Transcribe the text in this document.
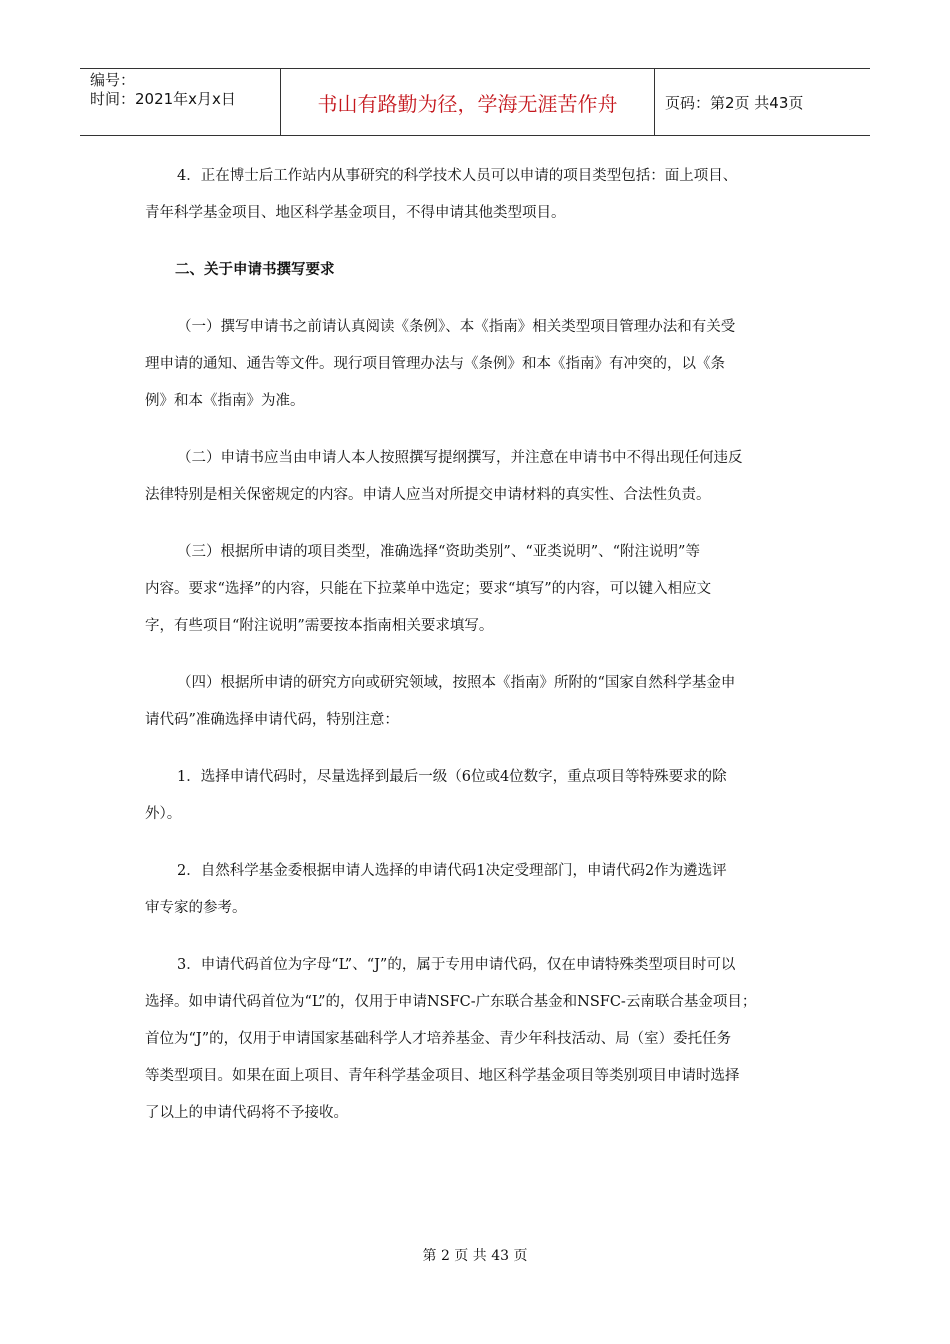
编号：
时间：2021年x月x日	书山有路勤为径，学海无涯苦作舟	页码：第2页 共43页
4．正在博士后工作站内从事研究的科学技术人员可以申请的项目类型包括：面上项目、
青年科学基金项目、地区科学基金项目，不得申请其他类型项目。
二、关于申请书撰写要求
（一）撰写申请书之前请认真阅读《条例》、本《指南》相关类型项目管理办法和有关受
理申请的通知、通告等文件。现行项目管理办法与《条例》和本《指南》有冲突的，以《条
例》和本《指南》为准。
（二）申请书应当由申请人本人按照撰写提纲撰写，并注意在申请书中不得出现任何违反
法律特别是相关保密规定的内容。申请人应当对所提交申请材料的真实性、合法性负责。
（三）根据所申请的项目类型，准确选择“资助类别”、“亚类说明”、“附注说明”等
内容。要求“选择”的内容，只能在下拉菜单中选定；要求“填写”的内容，可以键入相应文
字，有些项目“附注说明”需要按本指南相关要求填写。
（四）根据所申请的研究方向或研究领域，按照本《指南》所附的“国家自然科学基金申
请代码”准确选择申请代码，特别注意：
1．选择申请代码时，尽量选择到最后一级（6位或4位数字，重点项目等特殊要求的除
外）。
2．自然科学基金委根据申请人选择的申请代码1决定受理部门，申请代码2作为遴选评
审专家的参考。
3．申请代码首位为字母“L”、“J”的，属于专用申请代码，仅在申请特殊类型项目时可以
选择。如申请代码首位为“L”的，仅用于申请NSFC-广东联合基金和NSFC-云南联合基金项目；
首位为“J”的，仅用于申请国家基础科学人才培养基金、青少年科技活动、局（室）委托任务
等类型项目。如果在面上项目、青年科学基金项目、地区科学基金项目等类别项目申请时选择
了以上的申请代码将不予接收。
第 2 页 共 43 页
